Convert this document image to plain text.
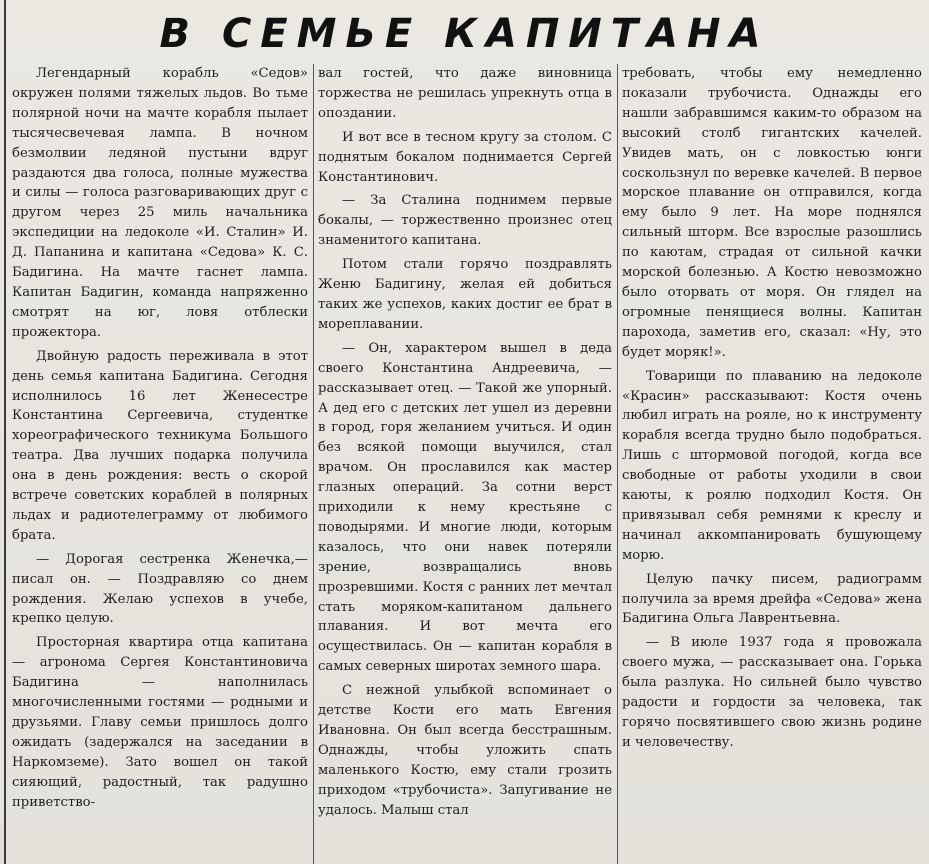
В СЕМЬЕ КАПИТАНА

Легендарный корабль «Седов» окружен полями тяжелых льдов. Во тьме полярной ночи на мачте корабля пылает тысячесвечевая лампа. В ночном безмолвии ледяной пустыни вдруг раздаются два голоса, полные мужества и силы — голоса разговаривающих друг с другом через 25 миль начальника экспедиции на ледоколе «И. Сталин» И. Д. Папанина и капитана «Седова» К. С. Бадигина. На мачте гаснет лампа. Капитан Бадигин, команда напряженно смотрят на юг, ловя отблески прожектора.

Двойную радость переживала в этот день семья капитана Бадигина. Сегодня исполнилось 16 лет Женесестре Константина Сергеевича, студентке хореографического техникума Большого театра. Два лучших подарка получила она в день рождения: весть о скорой встрече советских кораблей в полярных льдах и радиотелеграмму от любимого брата.

— Дорогая сестренка Женечка,— писал он. — Поздравляю со днем рождения. Желаю успехов в учебе, крепко целую.

Просторная квартира отца капитана — агронома Сергея Константиновича Бадигина — наполнилась многочисленными гостями — родными и друзьями. Главу семьи пришлось долго ожидать (задержался на заседании в Наркомземе). Зато вошел он такой сияющий, радостный, так радушно приветство-

вал гостей, что даже виновница торжества не решилась упрекнуть отца в опоздании.

И вот все в тесном кругу за столом. С поднятым бокалом поднимается Сергей Константинович.

— За Сталина поднимем первые бокалы, — торжественно произнес отец знаменитого капитана.

Потом стали горячо поздравлять Женю Бадигину, желая ей добиться таких же успехов, каких достиг ее брат в мореплавании.

— Он, характером вышел в деда своего Константина Андреевича, — рассказывает отец. — Такой же упорный. А дед его с детских лет ушел из деревни в город, горя желанием учиться. И один без всякой помощи выучился, стал врачом. Он прославился как мастер глазных операций. За сотни верст приходили к нему крестьяне с поводырями. И многие люди, которым казалось, что они навек потеряли зрение, возвращались вновь прозревшими. Костя с ранних лет мечтал стать моряком-капитаном дальнего плавания. И вот мечта его осуществилась. Он — капитан корабля в самых северных широтах земного шара.

С нежной улыбкой вспоминает о детстве Кости его мать Евгения Ивановна. Он был всегда бесстрашным. Однажды, чтобы уложить спать маленького Костю, ему стали грозить приходом «трубочиста». Запугивание не удалось. Малыш стал

требовать, чтобы ему немедленно показали трубочиста. Однажды его нашли забравшимся каким-то образом на высокий столб гигантских качелей. Увидев мать, он с ловкостью юнги соскользнул по веревке качелей. В первое морское плавание он отправился, когда ему было 9 лет. На море поднялся сильный шторм. Все взрослые разошлись по каютам, страдая от сильной качки морской болезнью. А Костю невозможно было оторвать от моря. Он глядел на огромные пенящиеся волны. Капитан парохода, заметив его, сказал: «Ну, это будет моряк!».

Товарищи по плаванию на ледоколе «Красин» рассказывают: Костя очень любил играть на рояле, но к инструменту корабля всегда трудно было подобраться. Лишь с штормовой погодой, когда все свободные от работы уходили в свои каюты, к роялю подходил Костя. Он привязывал себя ремнями к креслу и начинал аккомпанировать бушующему морю.

Целую пачку писем, радиограмм получила за время дрейфа «Седова» жена Бадигина Ольга Лаврентьевна.

— В июле 1937 года я провожала своего мужа, — рассказывает она. Горька была разлука. Но сильней было чувство радости и гордости за человека, так горячо посвятившего свою жизнь родине и человечеству.
